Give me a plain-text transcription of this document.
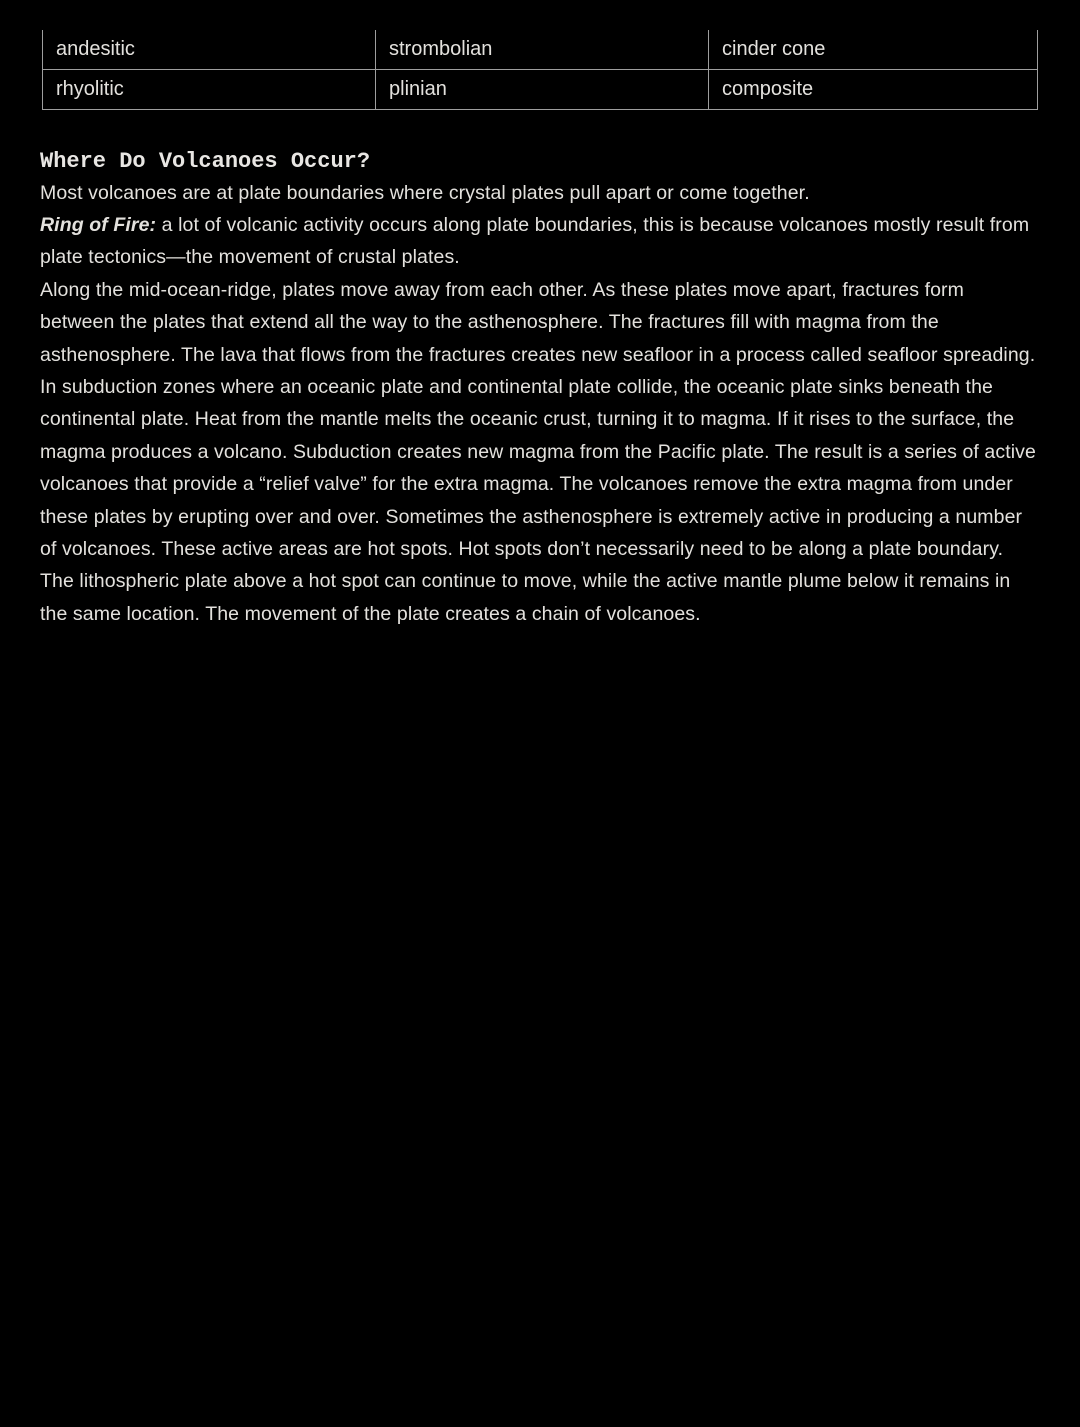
andesitic	strombolian	cinder cone
rhyolitic	plinian	composite
Where Do Volcanoes Occur?

Most volcanoes are at plate boundaries where crystal plates pull apart or come together.

Ring of Fire: a lot of volcanic activity occurs along plate boundaries, this is because volcanoes mostly result from plate tectonics—the movement of crustal plates.

Along the mid-ocean-ridge, plates move away from each other. As these plates move apart, fractures form between the plates that extend all the way to the asthenosphere. The fractures fill with magma from the asthenosphere. The lava that flows from the fractures creates new seafloor in a process called seafloor spreading. In subduction zones where an oceanic plate and continental plate collide, the oceanic plate sinks beneath the continental plate. Heat from the mantle melts the oceanic crust, turning it to magma. If it rises to the surface, the magma produces a volcano. Subduction creates new magma from the Pacific plate. The result is a series of active volcanoes that provide a “relief valve” for the extra magma. The volcanoes remove the extra magma from under these plates by erupting over and over. Sometimes the asthenosphere is extremely active in producing a number of volcanoes. These active areas are hot spots. Hot spots don’t necessarily need to be along a plate boundary. The lithospheric plate above a hot spot can continue to move, while the active mantle plume below it remains in the same location. The movement of the plate creates a chain of volcanoes.
